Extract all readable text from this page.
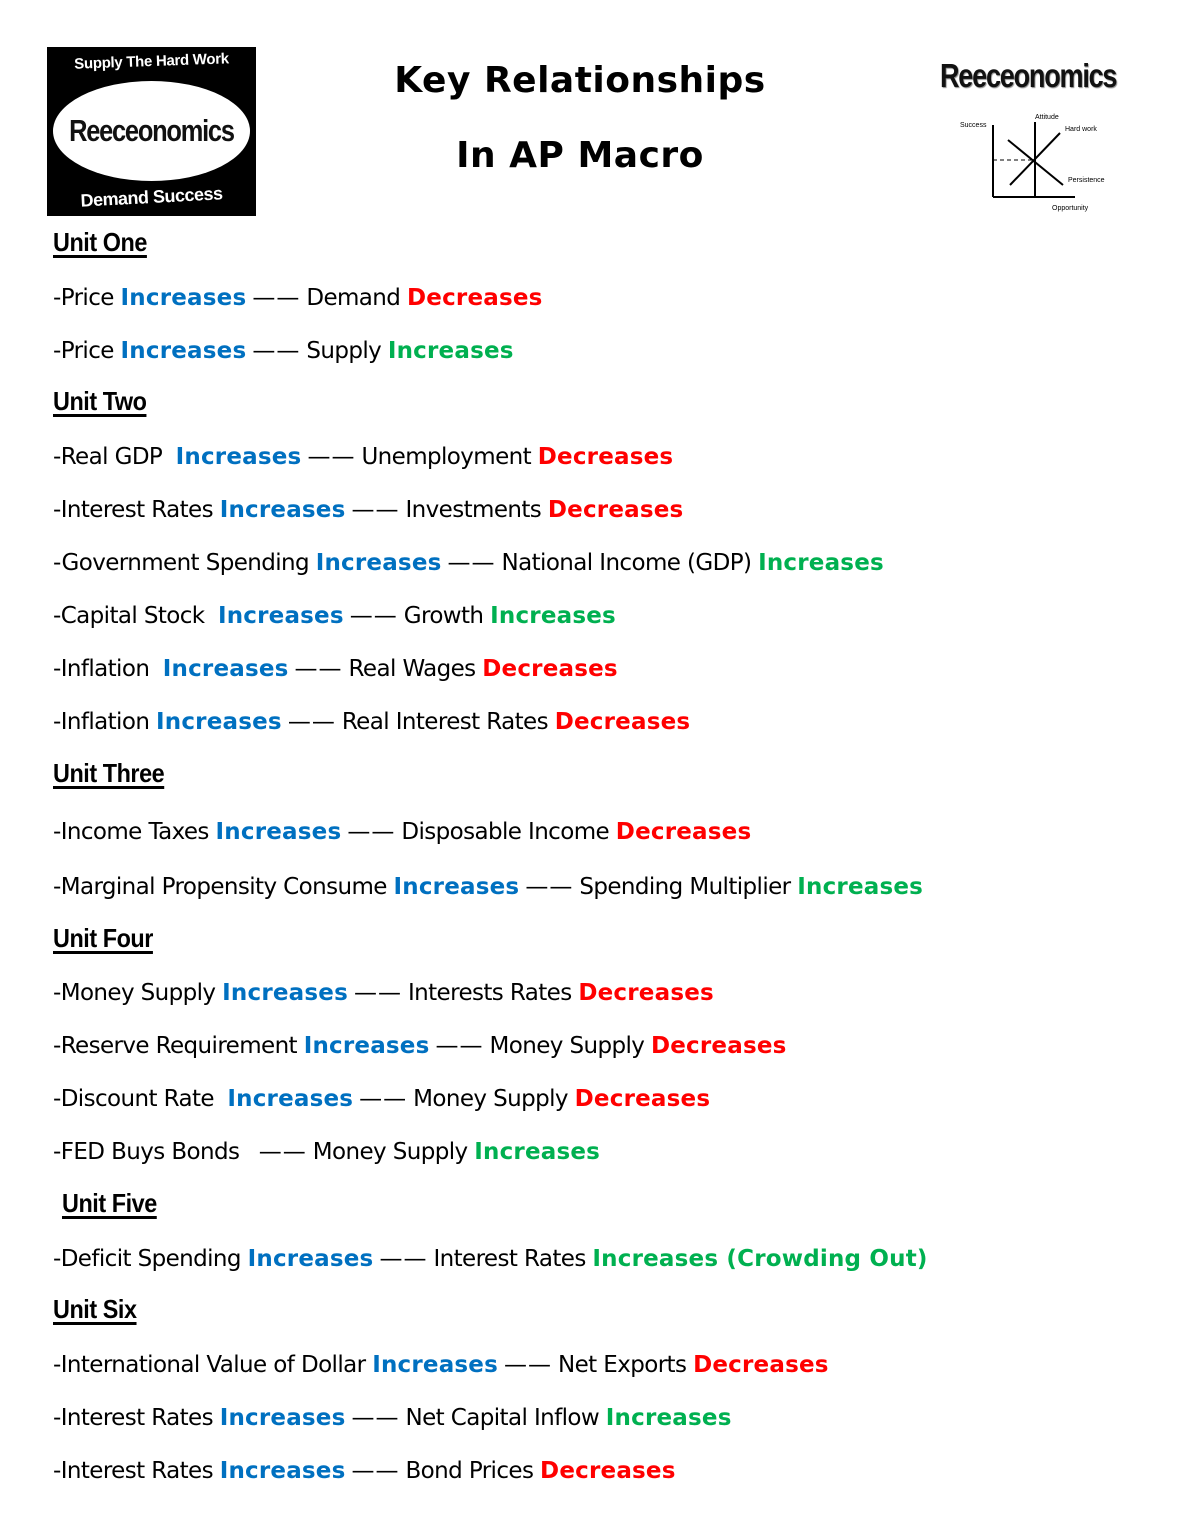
Supply The Hard Work
Reeceonomics
Demand Success
Key Relationships
In AP Macro
Reeceonomics
Success
Attitude
Hard work
Persistence
Opportunity
Unit One
-Price Increases —— Demand Decreases
-Price Increases —— Supply Increases
Unit Two
-Real GDP  Increases —— Unemployment Decreases
-Interest Rates Increases —— Investments Decreases
-Government Spending Increases —— National Income (GDP) Increases
-Capital Stock  Increases —— Growth Increases
-Inflation  Increases —— Real Wages Decreases
-Inflation Increases —— Real Interest Rates Decreases
Unit Three
-Income Taxes Increases —— Disposable Income Decreases
-Marginal Propensity Consume Increases —— Spending Multiplier Increases
Unit Four
-Money Supply Increases —— Interests Rates Decreases
-Reserve Requirement Increases —— Money Supply Decreases
-Discount Rate  Increases —— Money Supply Decreases
-FED Buys Bonds  —— Money Supply Increases
Unit Five
-Deficit Spending Increases —— Interest Rates Increases (Crowding Out)
Unit Six
-International Value of Dollar Increases —— Net Exports Decreases
-Interest Rates Increases —— Net Capital Inflow Increases
-Interest Rates Increases —— Bond Prices Decreases
